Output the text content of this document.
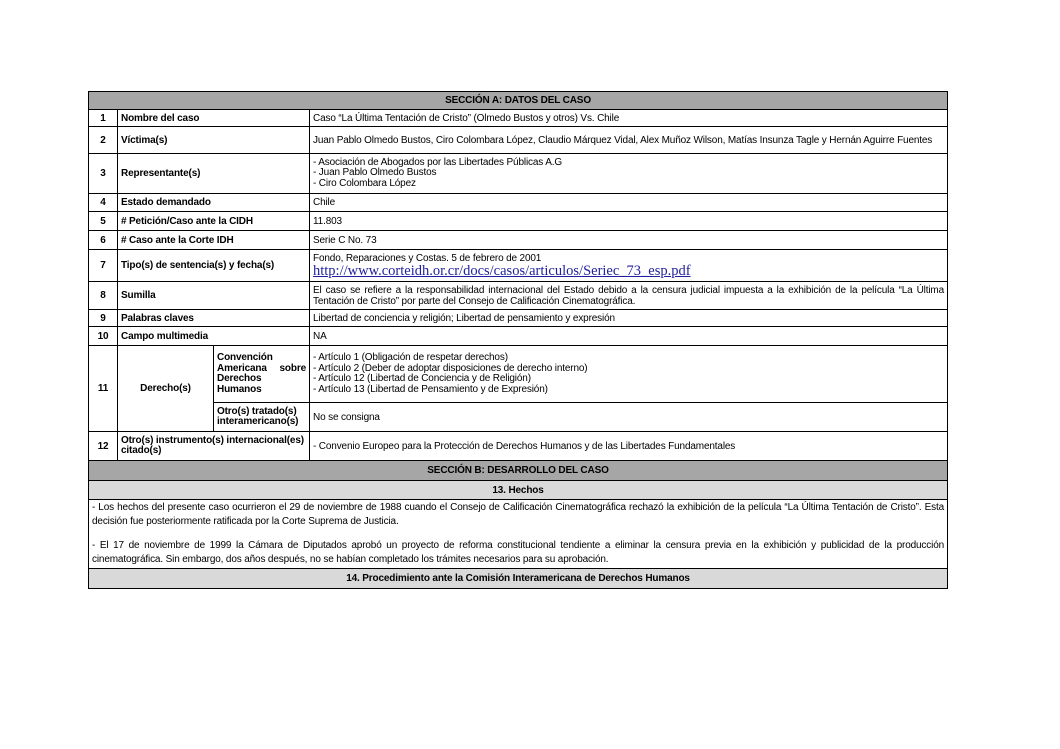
SECCIÓN A: DATOS DEL CASO			
1	Nombre del caso		Caso “La Última Tentación de Cristo” (Olmedo Bustos y otros) Vs. Chile
2	Víctima(s)		Juan Pablo Olmedo Bustos, Ciro Colombara López, Claudio Márquez Vidal, Alex Muñoz Wilson, Matías Insunza Tagle y Hernán Aguirre Fuentes
3	Representante(s)		- Asociación de Abogados por las Libertades Públicas A.G
- Juan Pablo Olmedo Bustos
- Ciro Colombara López

4	Estado demandado		Chile
5	# Petición/Caso ante la CIDH		11.803
6	# Caso ante la Corte IDH		Serie C No. 73
7	Tipo(s) de sentencia(s) y fecha(s)		Fondo, Reparaciones y Costas. 5 de febrero de 2001
http://www.corteidh.or.cr/docs/casos/articulos/Seriec_73_esp.pdf

8	Sumilla		El caso se refiere a la responsabilidad internacional del Estado debido a la censura judicial impuesta a la exhibición de la película “La Última Tentación de Cristo” por parte del Consejo de Calificación Cinematográfica.
9	Palabras claves		Libertad de conciencia y religión; Libertad de pensamiento y expresión
10	Campo multimedia		NA
11	Derecho(s)	Convención Americana sobre Derechos Humanos	- Artículo 1 (Obligación de respetar derechos)
- Artículo 2 (Deber de adoptar disposiciones de derecho interno)
- Artículo 12 (Libertad de Conciencia y de Religión)
- Artículo 13 (Libertad de Pensamiento y de Expresión)

		Otro(s) tratado(s) interamericano(s)	No se consigna
12	Otro(s) instrumento(s) internacional(es) citado(s)		- Convenio Europeo para la Protección de Derechos Humanos y de las Libertades Fundamentales
SECCIÓN B: DESARROLLO DEL CASO			
13. Hechos			

- Los hechos del presente caso ocurrieron el 29 de noviembre de 1988 cuando el Consejo de Calificación Cinematográfica rechazó la exhibición de la película “La Última Tentación de Cristo”. Esta decisión fue posteriormente ratificada por la Corte Suprema de Justicia.

- El 17 de noviembre de 1999 la Cámara de Diputados aprobó un proyecto de reforma constitucional tendiente a eliminar la censura previa en la exhibición y publicidad de la producción cinematográfica. Sin embargo, dos años después, no se habían completado los trámites necesarios para su aprobación.			

14. Procedimiento ante la Comisión Interamericana de Derechos Humanos			
